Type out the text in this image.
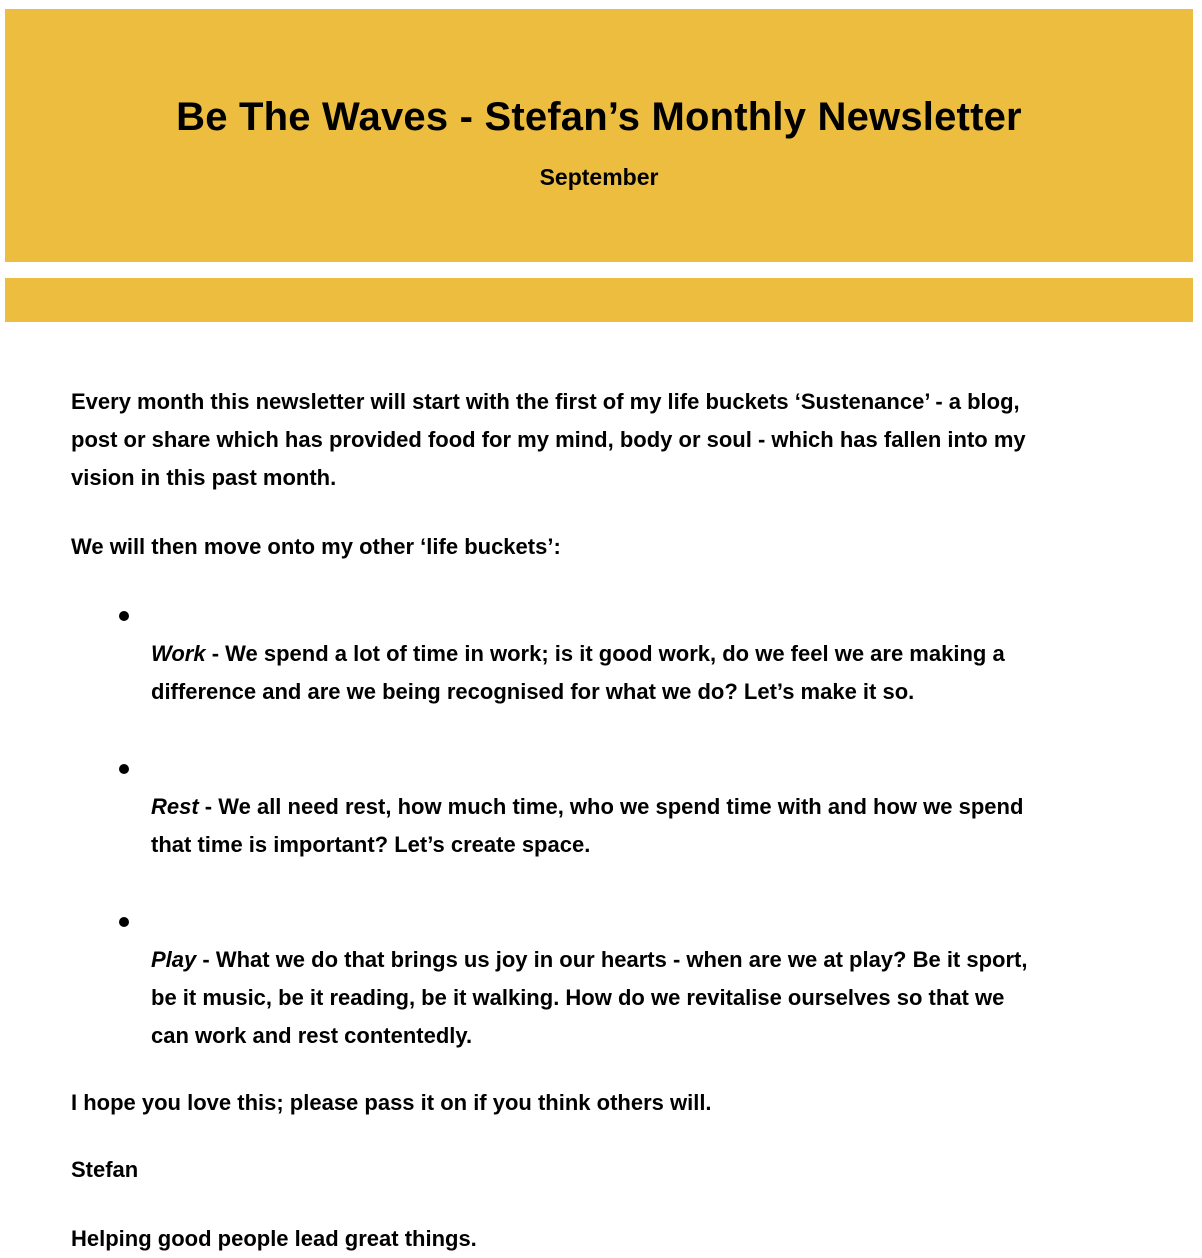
Be The Waves - Stefan’s Monthly Newsletter
September

Every month this newsletter will start with the first of my life buckets ‘Sustenance’ - a blog,
post or share which has provided food for my mind, body or soul - which has fallen into my
vision in this past month.

We will then move onto my other ‘life buckets’:

Work - We spend a lot of time in work; is it good work, do we feel we are making a
difference and are we being recognised for what we do? Let’s make it so.

Rest - We all need rest, how much time, who we spend time with and how we spend
that time is important? Let’s create space.

Play - What we do that brings us joy in our hearts - when are we at play? Be it sport,
be it music, be it reading, be it walking. How do we revitalise ourselves so that we
can work and rest contentedly.

I hope you love this; please pass it on if you think others will.

Stefan

Helping good people lead great things.
